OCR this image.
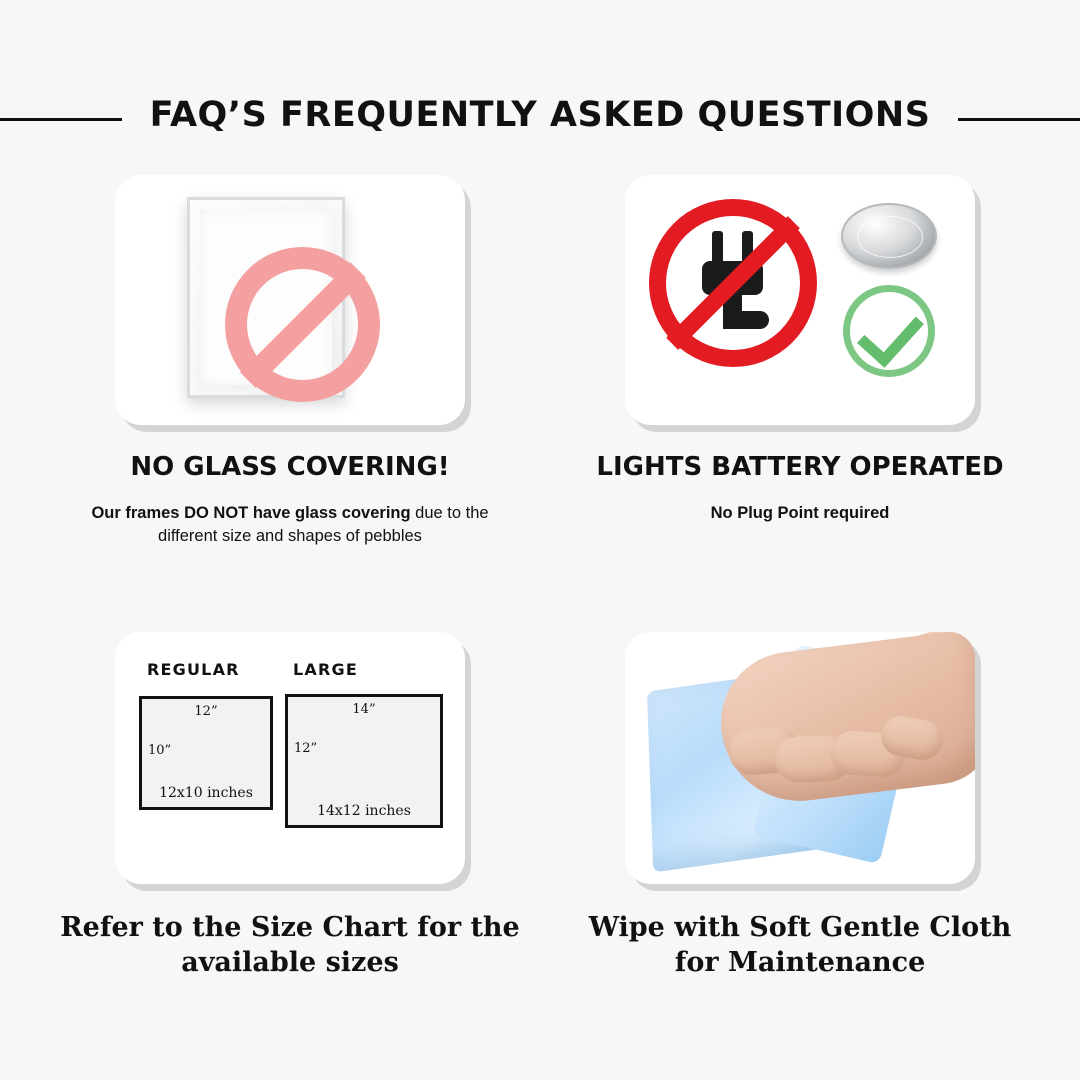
FAQ’S FREQUENTLY ASKED QUESTIONS
NO GLASS COVERING!
Our frames DO NOT have glass covering due to the different size and shapes of pebbles
LIGHTS BATTERY OPERATED
No Plug Point required
REGULAR	LARGE
12”
10”
12x10 inches
14”
12”
14x12 inches
Refer to the Size Chart for the available sizes
Wipe with Soft Gentle Cloth for Maintenance
